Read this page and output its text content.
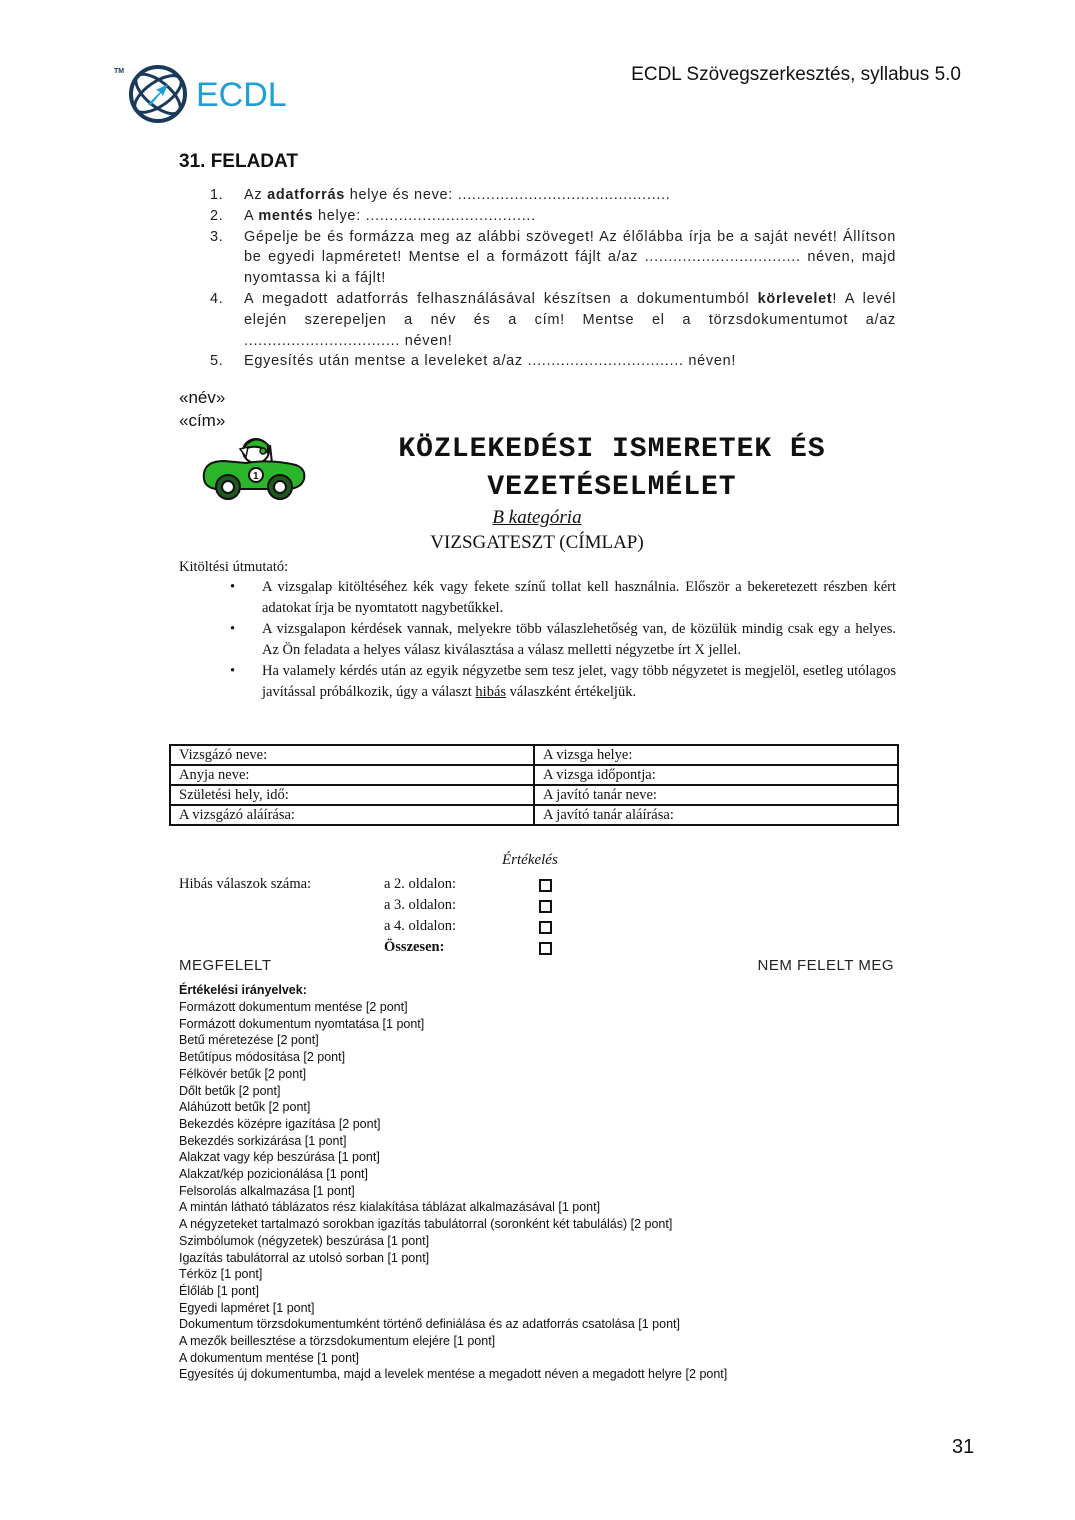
TM
ECDL
ECDL Szövegszerkesztés, syllabus 5.0
31. FELADAT
1. Az adatforrás helye és neve: .............................................
2. A mentés helye: ....................................
3. Gépelje be és formázza meg az alábbi szöveget! Az élőlábba írja be a saját nevét! Állítson be egyedi lapméretet! Mentse el a formázott fájlt a/az ................................. néven, majd nyomtassa ki a fájlt!
4. A megadott adatforrás felhasználásával készítsen a dokumentumból körlevelet! A levél elején szerepeljen a név és a cím! Mentse el a törzsdokumentumot a/az ................................. néven!
5. Egyesítés után mentse a leveleket a/az ................................. néven!
«név»
«cím»
1
KÖZLEKEDÉSI ISMERETEK ÉS
VEZETÉSELMÉLET
B kategória
VIZSGATESZT (CÍMLAP)
Kitöltési útmutató:
• A vizsgalap kitöltéséhez kék vagy fekete színű tollat kell használnia. Először a bekeretezett részben kért adatokat írja be nyomtatott nagybetűkkel.
• A vizsgalapon kérdések vannak, melyekre több válaszlehetőség van, de közülük mindig csak egy a helyes. Az Ön feladata a helyes válasz kiválasztása a válasz melletti négyzetbe írt X jellel.
• Ha valamely kérdés után az egyik négyzetbe sem tesz jelet, vagy több négyzetet is megjelöl, esetleg utólagos javítással próbálkozik, úgy a választ hibás válaszként értékeljük.
Vizsgázó neve:	A vizsga helye:
Anyja neve:	A vizsga időpontja:
Születési hely, idő:	A javító tanár neve:
A vizsgázó aláírása:	A javító tanár aláírása:
Értékelés
Hibás válaszok száma:	a 2. oldalon:
a 3. oldalon:
a 4. oldalon:
Összesen:
MEGFELELT	NEM FELELT MEG
Értékelési irányelvek:
Formázott dokumentum mentése [2 pont]
Formázott dokumentum nyomtatása [1 pont]
Betű méretezése [2 pont]
Betűtípus módosítása [2 pont]
Félkövér betűk [2 pont]
Dőlt betűk [2 pont]
Aláhúzott betűk [2 pont]
Bekezdés középre igazítása [2 pont]
Bekezdés sorkizárása [1 pont]
Alakzat vagy kép beszúrása [1 pont]
Alakzat/kép pozicionálása [1 pont]
Felsorolás alkalmazása [1 pont]
A mintán látható táblázatos rész kialakítása táblázat alkalmazásával [1 pont]
A négyzeteket tartalmazó sorokban igazítás tabulátorral (soronként két tabulálás) [2 pont]
Szimbólumok (négyzetek) beszúrása [1 pont]
Igazítás tabulátorral az utolsó sorban [1 pont]
Térköz [1 pont]
Élőláb [1 pont]
Egyedi lapméret [1 pont]
Dokumentum törzsdokumentumként történő definiálása és az adatforrás csatolása [1 pont]
A mezők beillesztése a törzsdokumentum elejére [1 pont]
A dokumentum mentése [1 pont]
Egyesítés új dokumentumba, majd a levelek mentése a megadott néven a megadott helyre [2 pont]
31
